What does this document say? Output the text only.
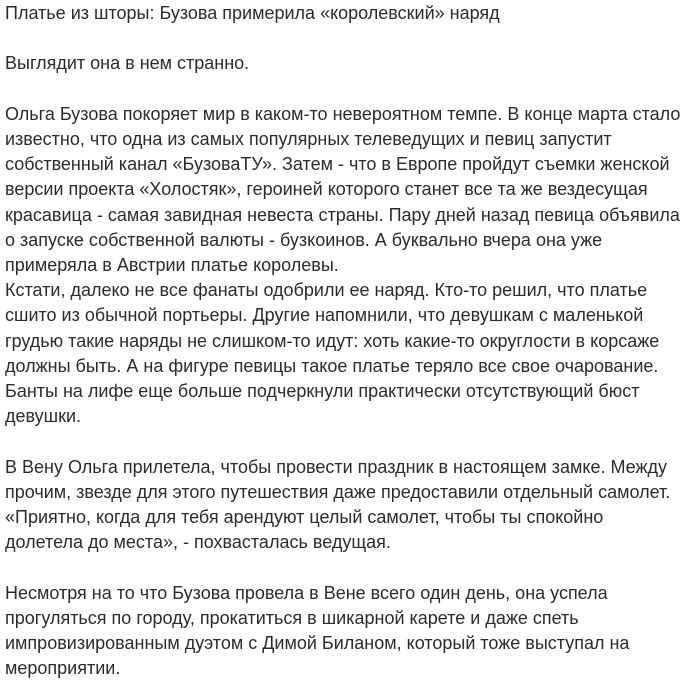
Платье из шторы: Бузова примерила «королевский» наряд

Выглядит она в нем странно.

Ольга Бузова покоряет мир в каком-то невероятном темпе. В конце марта стало известно, что одна из самых популярных телеведущих и певиц запустит собственный канал «БузоваТУ». Затем - что в Европе пройдут съемки женской версии проекта «Холостяк», героиней которого станет все та же вездесущая красавица - самая завидная невеста страны. Пару дней назад певица объявила о запуске собственной валюты - бузкоинов. А буквально вчера она уже примеряла в Австрии платье королевы.

Кстати, далеко не все фанаты одобрили ее наряд. Кто-то решил, что платье сшито из обычной портьеры. Другие напомнили, что девушкам с маленькой грудью такие наряды не слишком-то идут: хоть какие-то округлости в корсаже должны быть. А на фигуре певицы такое платье теряло все свое очарование. Банты на лифе еще больше подчеркнули практически отсутствующий бюст девушки.

В Вену Ольга прилетела, чтобы провести праздник в настоящем замке. Между прочим, звезде для этого путешествия даже предоставили отдельный самолет. «Приятно, когда для тебя арендуют целый самолет, чтобы ты спокойно долетела до места», - похвасталась ведущая.

Несмотря на то что Бузова провела в Вене всего один день, она успела прогуляться по городу, прокатиться в шикарной карете и даже спеть импровизированным дуэтом с Димой Биланом, который тоже выступал на мероприятии.
